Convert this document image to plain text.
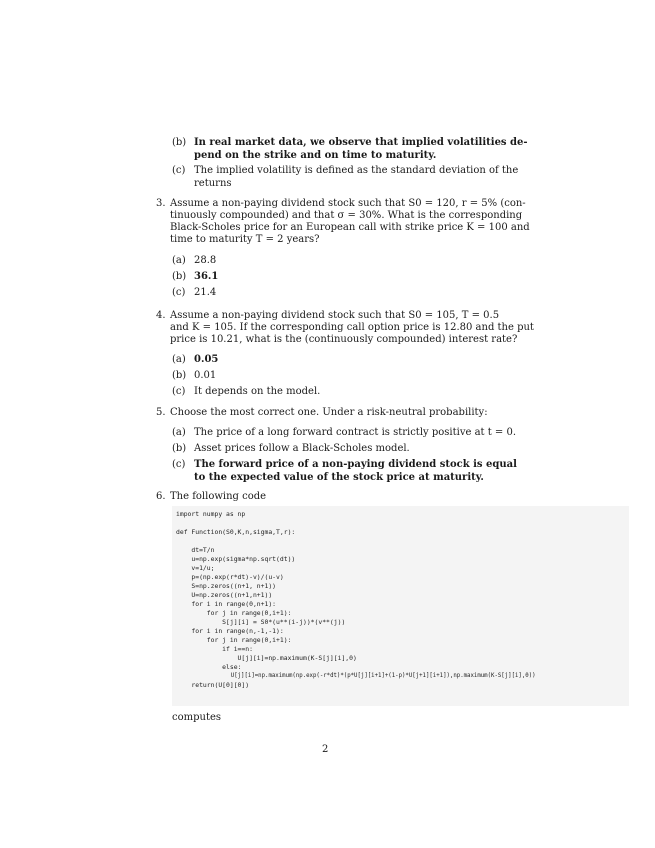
(b) In real market data, we observe that implied volatilities de-
pend on the strike and on time to maturity.
(c) The implied volatility is defined as the standard deviation of the
returns
3. Assume a non-paying dividend stock such that S0 = 120, r = 5% (con-
tinuously compounded) and that σ = 30%. What is the corresponding
Black-Scholes price for an European call with strike price K = 100 and
time to maturity T = 2 years?
(a) 28.8
(b) 36.1
(c) 21.4
4. Assume a non-paying dividend stock such that S0 = 105, T = 0.5
and K = 105. If the corresponding call option price is 12.80 and the put
price is 10.21, what is the (continuously compounded) interest rate?
(a) 0.05
(b) 0.01
(c) It depends on the model.
5. Choose the most correct one. Under a risk-neutral probability:
(a) The price of a long forward contract is strictly positive at t = 0.
(b) Asset prices follow a Black-Scholes model.
(c) The forward price of a non-paying dividend stock is equal
to the expected value of the stock price at maturity.
6. The following code
import numpy as np
def Function(S0,K,n,sigma,T,r):
dt=T/n
u=np.exp(sigma*np.sqrt(dt))
v=1/u;
p=(np.exp(r*dt)-v)/(u-v)
S=np.zeros((n+1, n+1))
U=np.zeros((n+1,n+1))
for i in range(0,n+1):
for j in range(0,i+1):
S[j][i] = S0*(u**(i-j))*(v**(j))
for i in range(n,-1,-1):
for j in range(0,i+1):
if i==n:
U[j][i]=np.maximum(K-S[j][i],0)
else:
U[j][i]=np.maximum(np.exp(-r*dt)*(p*U[j][i+1]+(1-p)*U[j+1][i+1]),np.maximum(K-S[j][i],0))
return(U[0][0])
computes
2
